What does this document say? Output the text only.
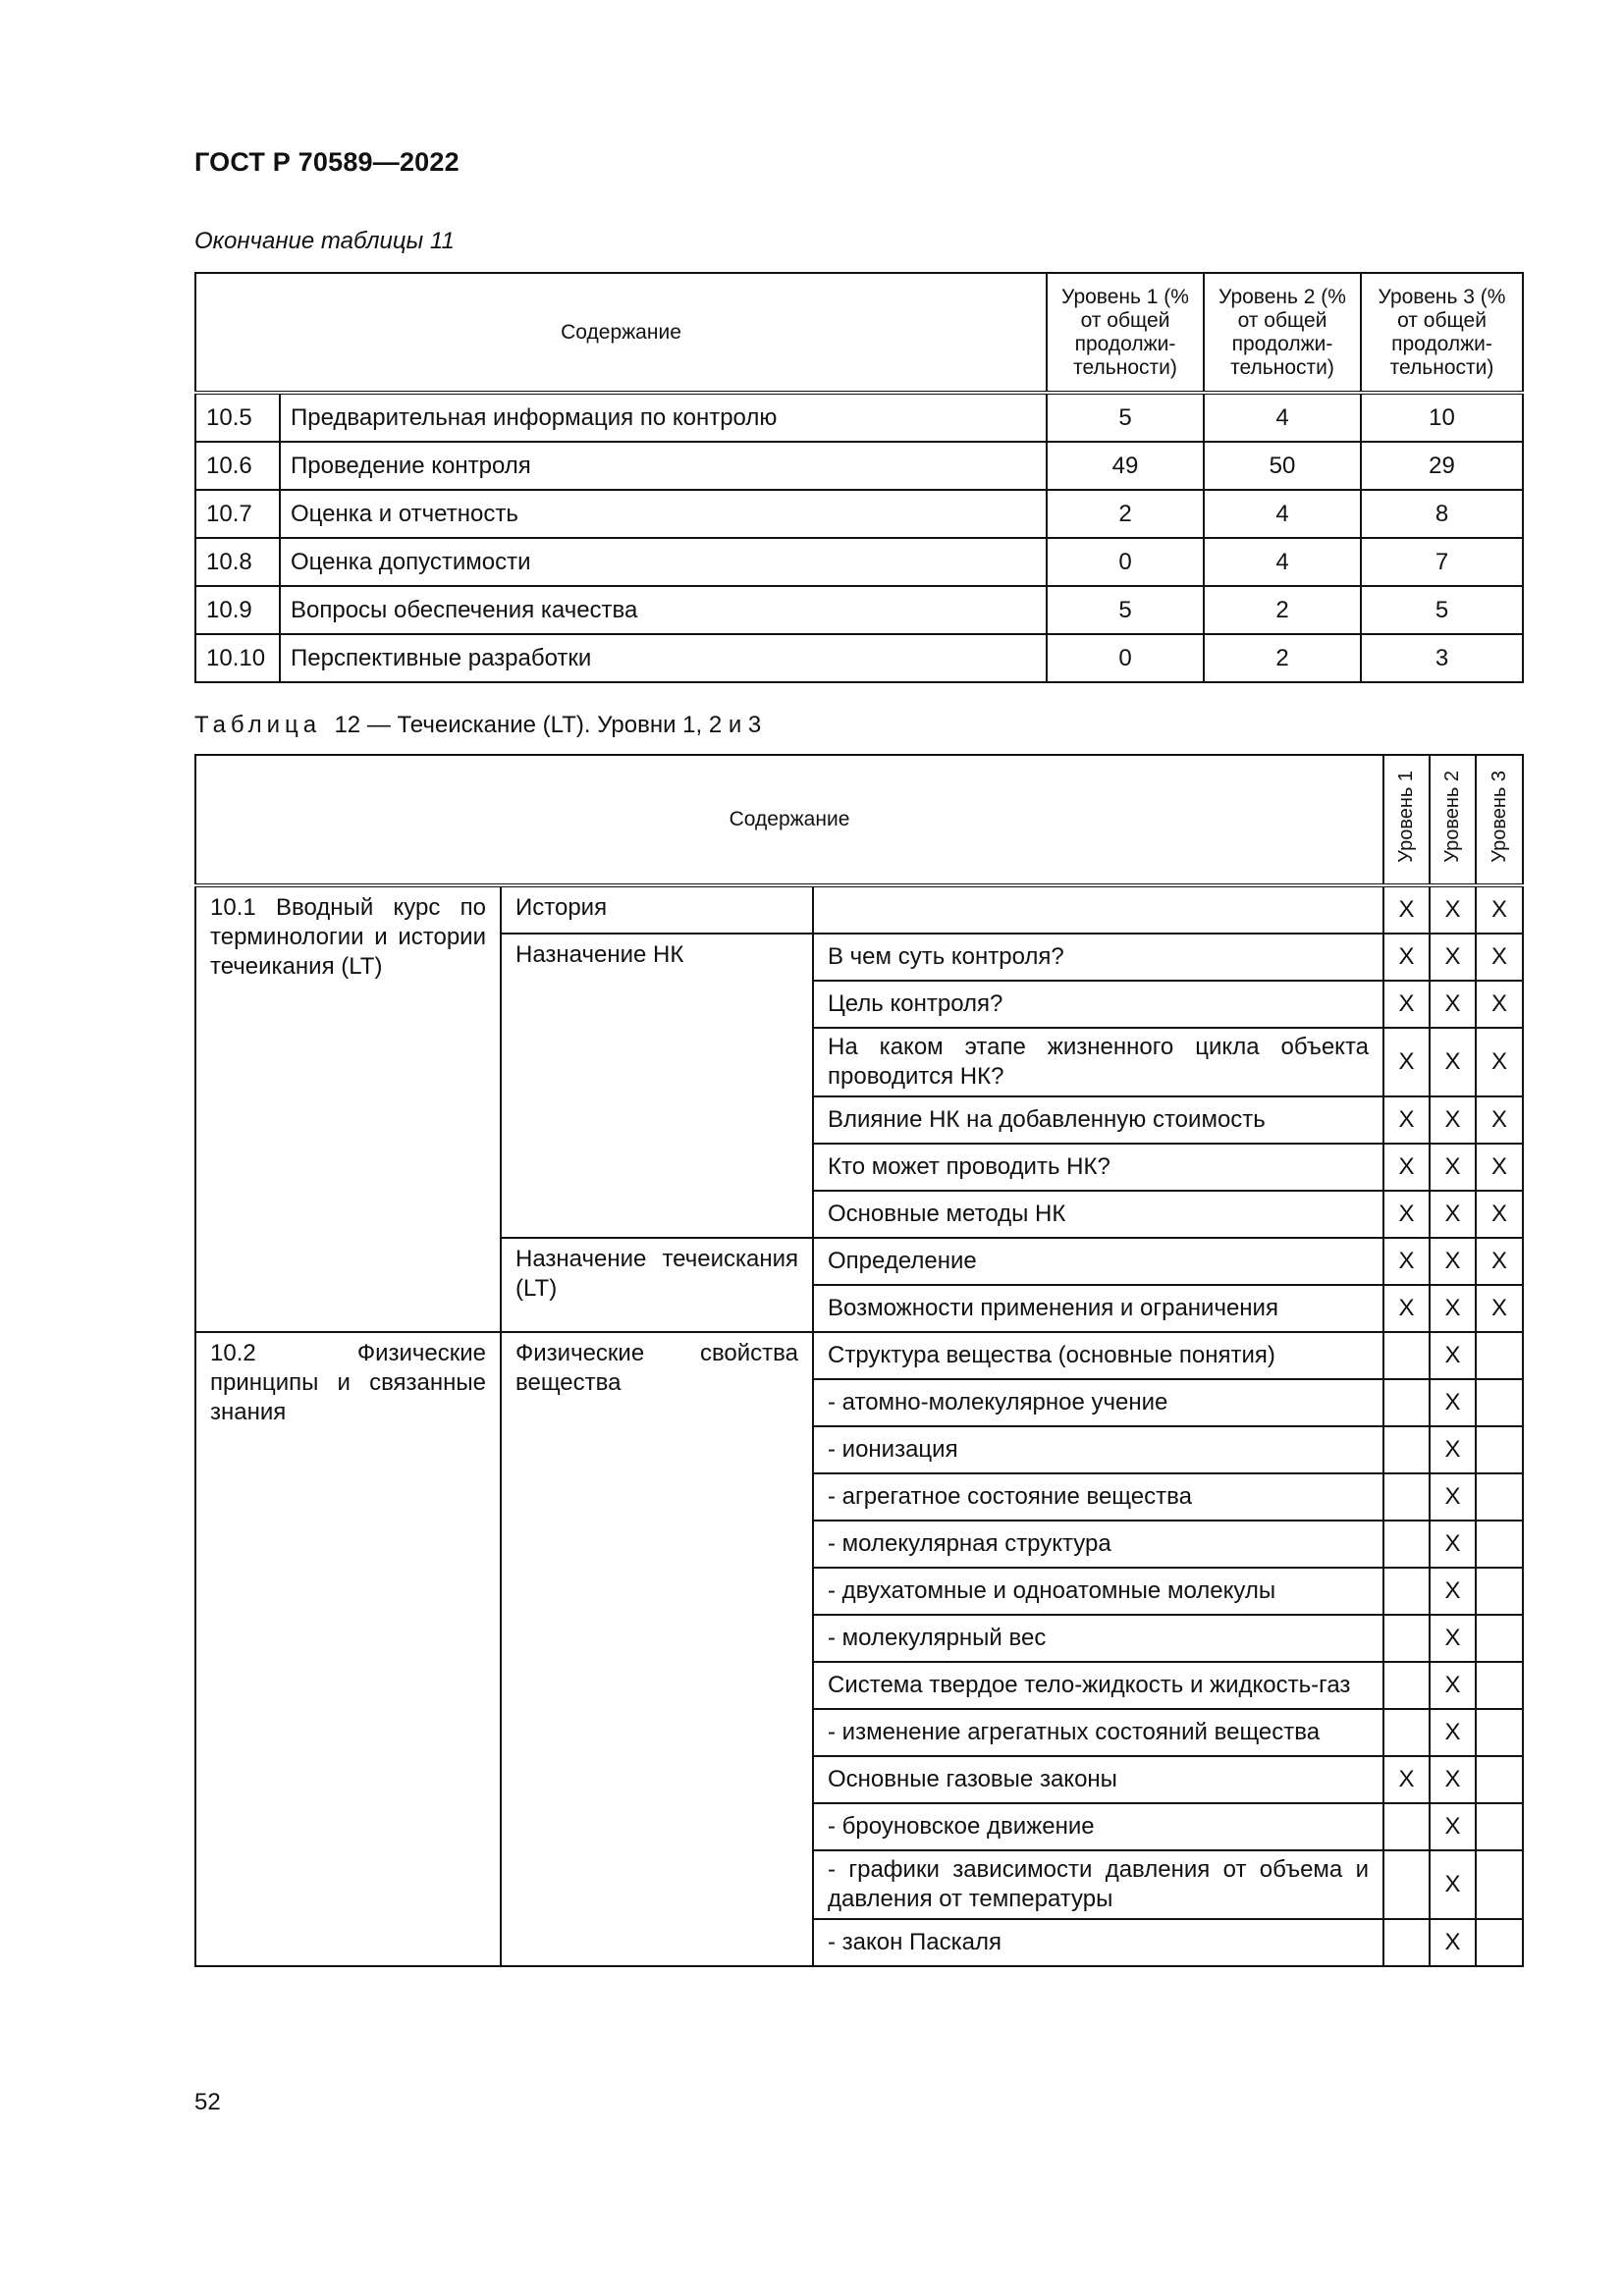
ГОСТ Р 70589—2022
Окончание таблицы 11
Содержание		Уровень 1 (% от общей продолжи-тельности)	Уровень 2 (% от общей продолжи-тельности)	Уровень 3 (% от общей продолжи-тельности)
10.5	Предварительная информация по контролю	5	4	10
10.6	Проведение контроля	49	50	29
10.7	Оценка и отчетность	2	4	8
10.8	Оценка допустимости	0	4	7
10.9	Вопросы обеспечения качества	5	2	5
10.10	Перспективные разработки	0	2	3
Таблица 12 — Течеискание (LT). Уровни 1, 2 и 3
Содержание			Уровень 1	Уровень 2	Уровень 3
10.1 Вводный курс по терминологии и истории течеикания (LT)	История		X	X	X
	Назначение НК	В чем суть контроля?	X	X	X
		Цель контроля?	X	X	X
		На каком этапе жизненного цикла объекта проводится НК?	X	X	X
		Влияние НК на добавленную стоимость	X	X	X
		Кто может проводить НК?	X	X	X
		Основные методы НК	X	X	X
	Назначение течеискания (LT)	Определение	X	X	X
		Возможности применения и ограничения	X	X	X
10.2 Физические принципы и связанные знания	Физические свойства вещества	Структура вещества (основные понятия)		X	
		- атомно-молекулярное учение		X	
		- ионизация		X	
		- агрегатное состояние вещества		X	
		- молекулярная структура		X	
		- двухатомные и одноатомные молекулы		X	
		- молекулярный вес		X	
		Система твердое тело-жидкость и жидкость-газ		X	
		- изменение агрегатных состояний вещества		X	
		Основные газовые законы	X	X	
		- броуновское движение		X	
		- графики зависимости давления от объема и давления от температуры		X	
		- закон Паскаля		X	
52
